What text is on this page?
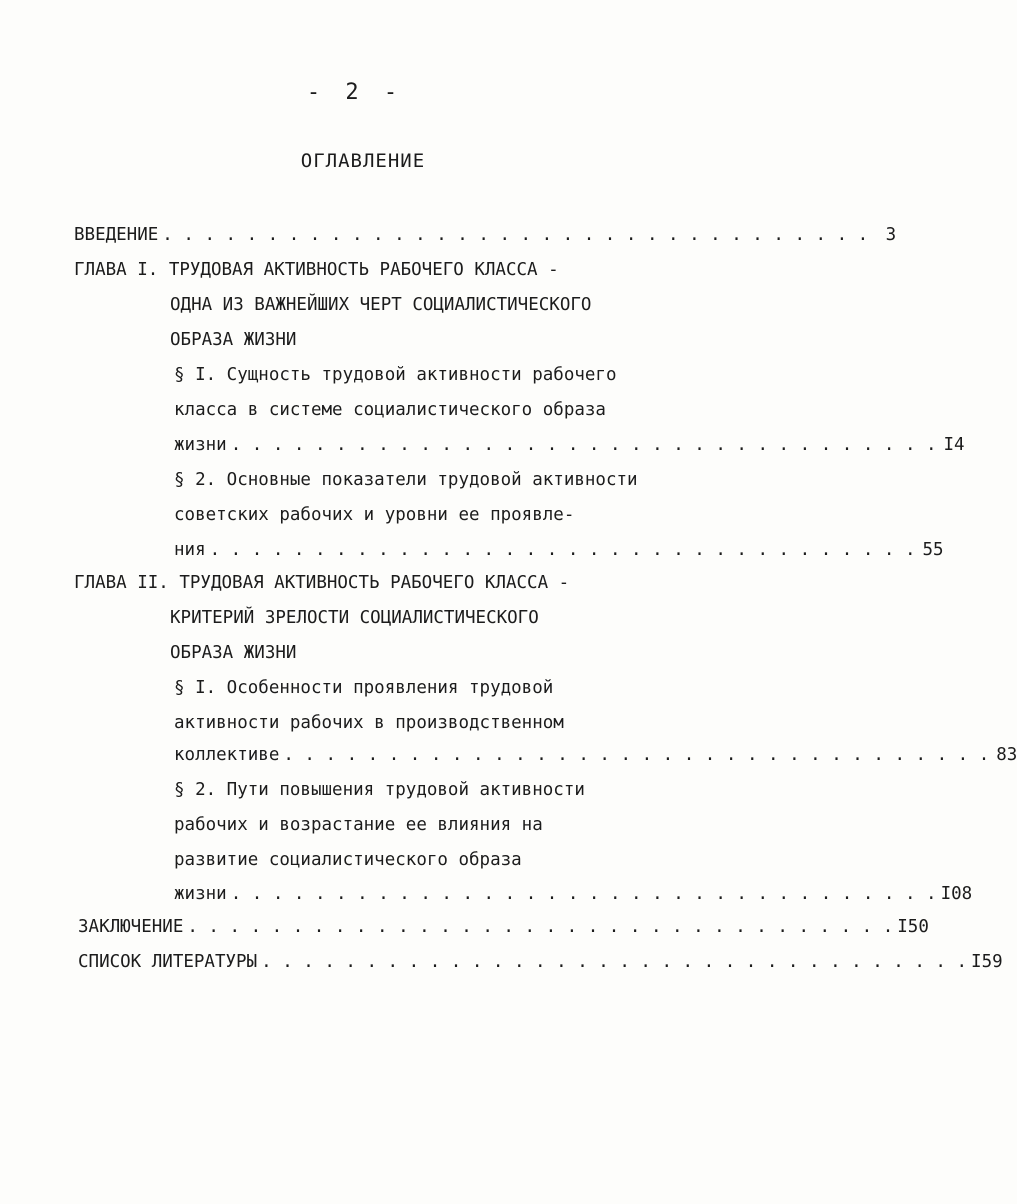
- 2 -
ОГЛАВЛЕНИЕ
ВВЕДЕНИЕ . . . . . . . . . . . . . . . . . . . . . . . . . . . . . . . . . . 3
ГЛАВА I. ТРУДОВАЯ АКТИВНОСТЬ РАБОЧЕГО КЛАССА -
ОДНА ИЗ ВАЖНЕЙШИХ ЧЕРТ СОЦИАЛИСТИЧЕСКОГО
ОБРАЗА ЖИЗНИ
§ I. Сущность трудовой активности рабочего
класса в системе социалистического образа
жизни . . . . . . . . . . . . . . . . . . . . . . . . . . . . . . . . . . I4
§ 2. Основные показатели трудовой активности
советских рабочих и уровни ее проявле-
ния . . . . . . . . . . . . . . . . . . . . . . . . . . . . . . . . . . 55
ГЛАВА II. ТРУДОВАЯ АКТИВНОСТЬ РАБОЧЕГО КЛАССА -
КРИТЕРИЙ ЗРЕЛОСТИ СОЦИАЛИСТИЧЕСКОГО
ОБРАЗА ЖИЗНИ
§ I. Особенности проявления трудовой
активности рабочих в производственном
коллективе . . . . . . . . . . . . . . . . . . . . . . . . . . . . . . . . . . 83
§ 2. Пути повышения трудовой активности
рабочих и возрастание ее влияния на
развитие социалистического образа
жизни . . . . . . . . . . . . . . . . . . . . . . . . . . . . . . . . . . I08
ЗАКЛЮЧЕНИЕ . . . . . . . . . . . . . . . . . . . . . . . . . . . . . . . . . . I50
СПИСОК ЛИТЕРАТУРЫ . . . . . . . . . . . . . . . . . . . . . . . . . . . . . . . . . . I59
